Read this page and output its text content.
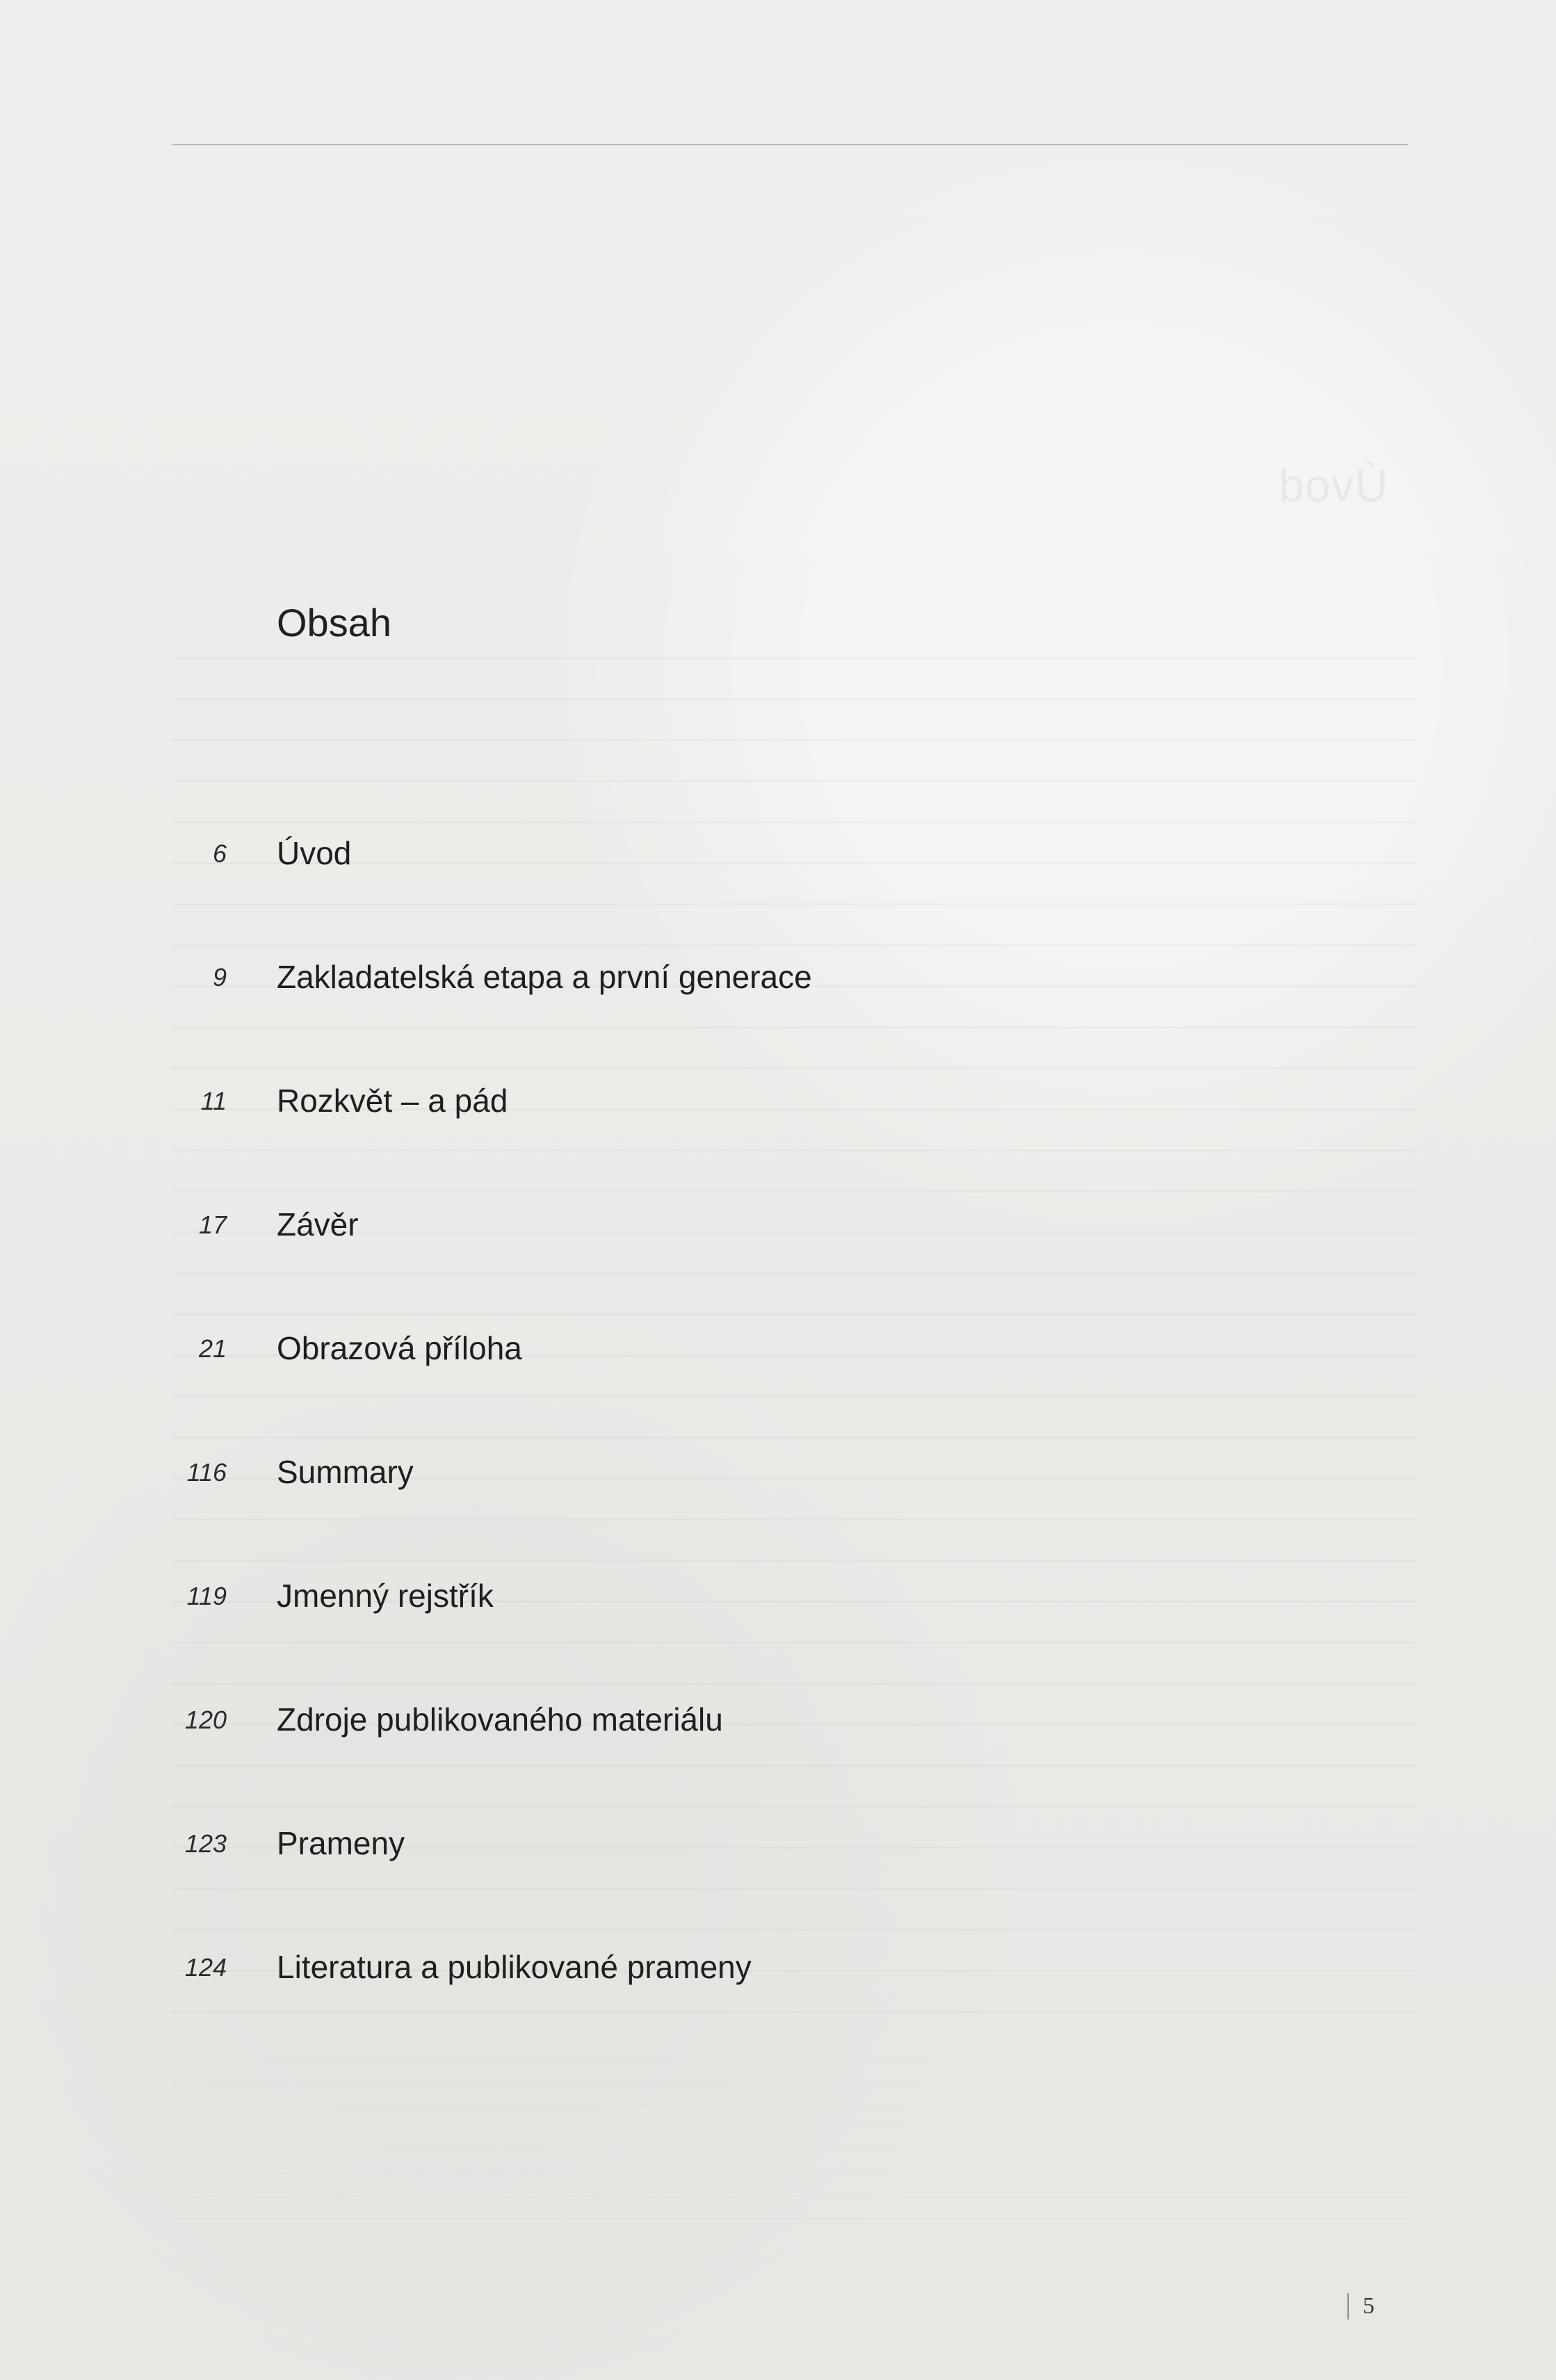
Úvod
Obsah
6 Úvod
9 Zakladatelská etapa a první generace
11 Rozkvět – a pád
17 Závěr
21 Obrazová příloha
116 Summary
119 Jmenný rejstřík
120 Zdroje publikovaného materiálu
123 Prameny
124 Literatura a publikované prameny
5
